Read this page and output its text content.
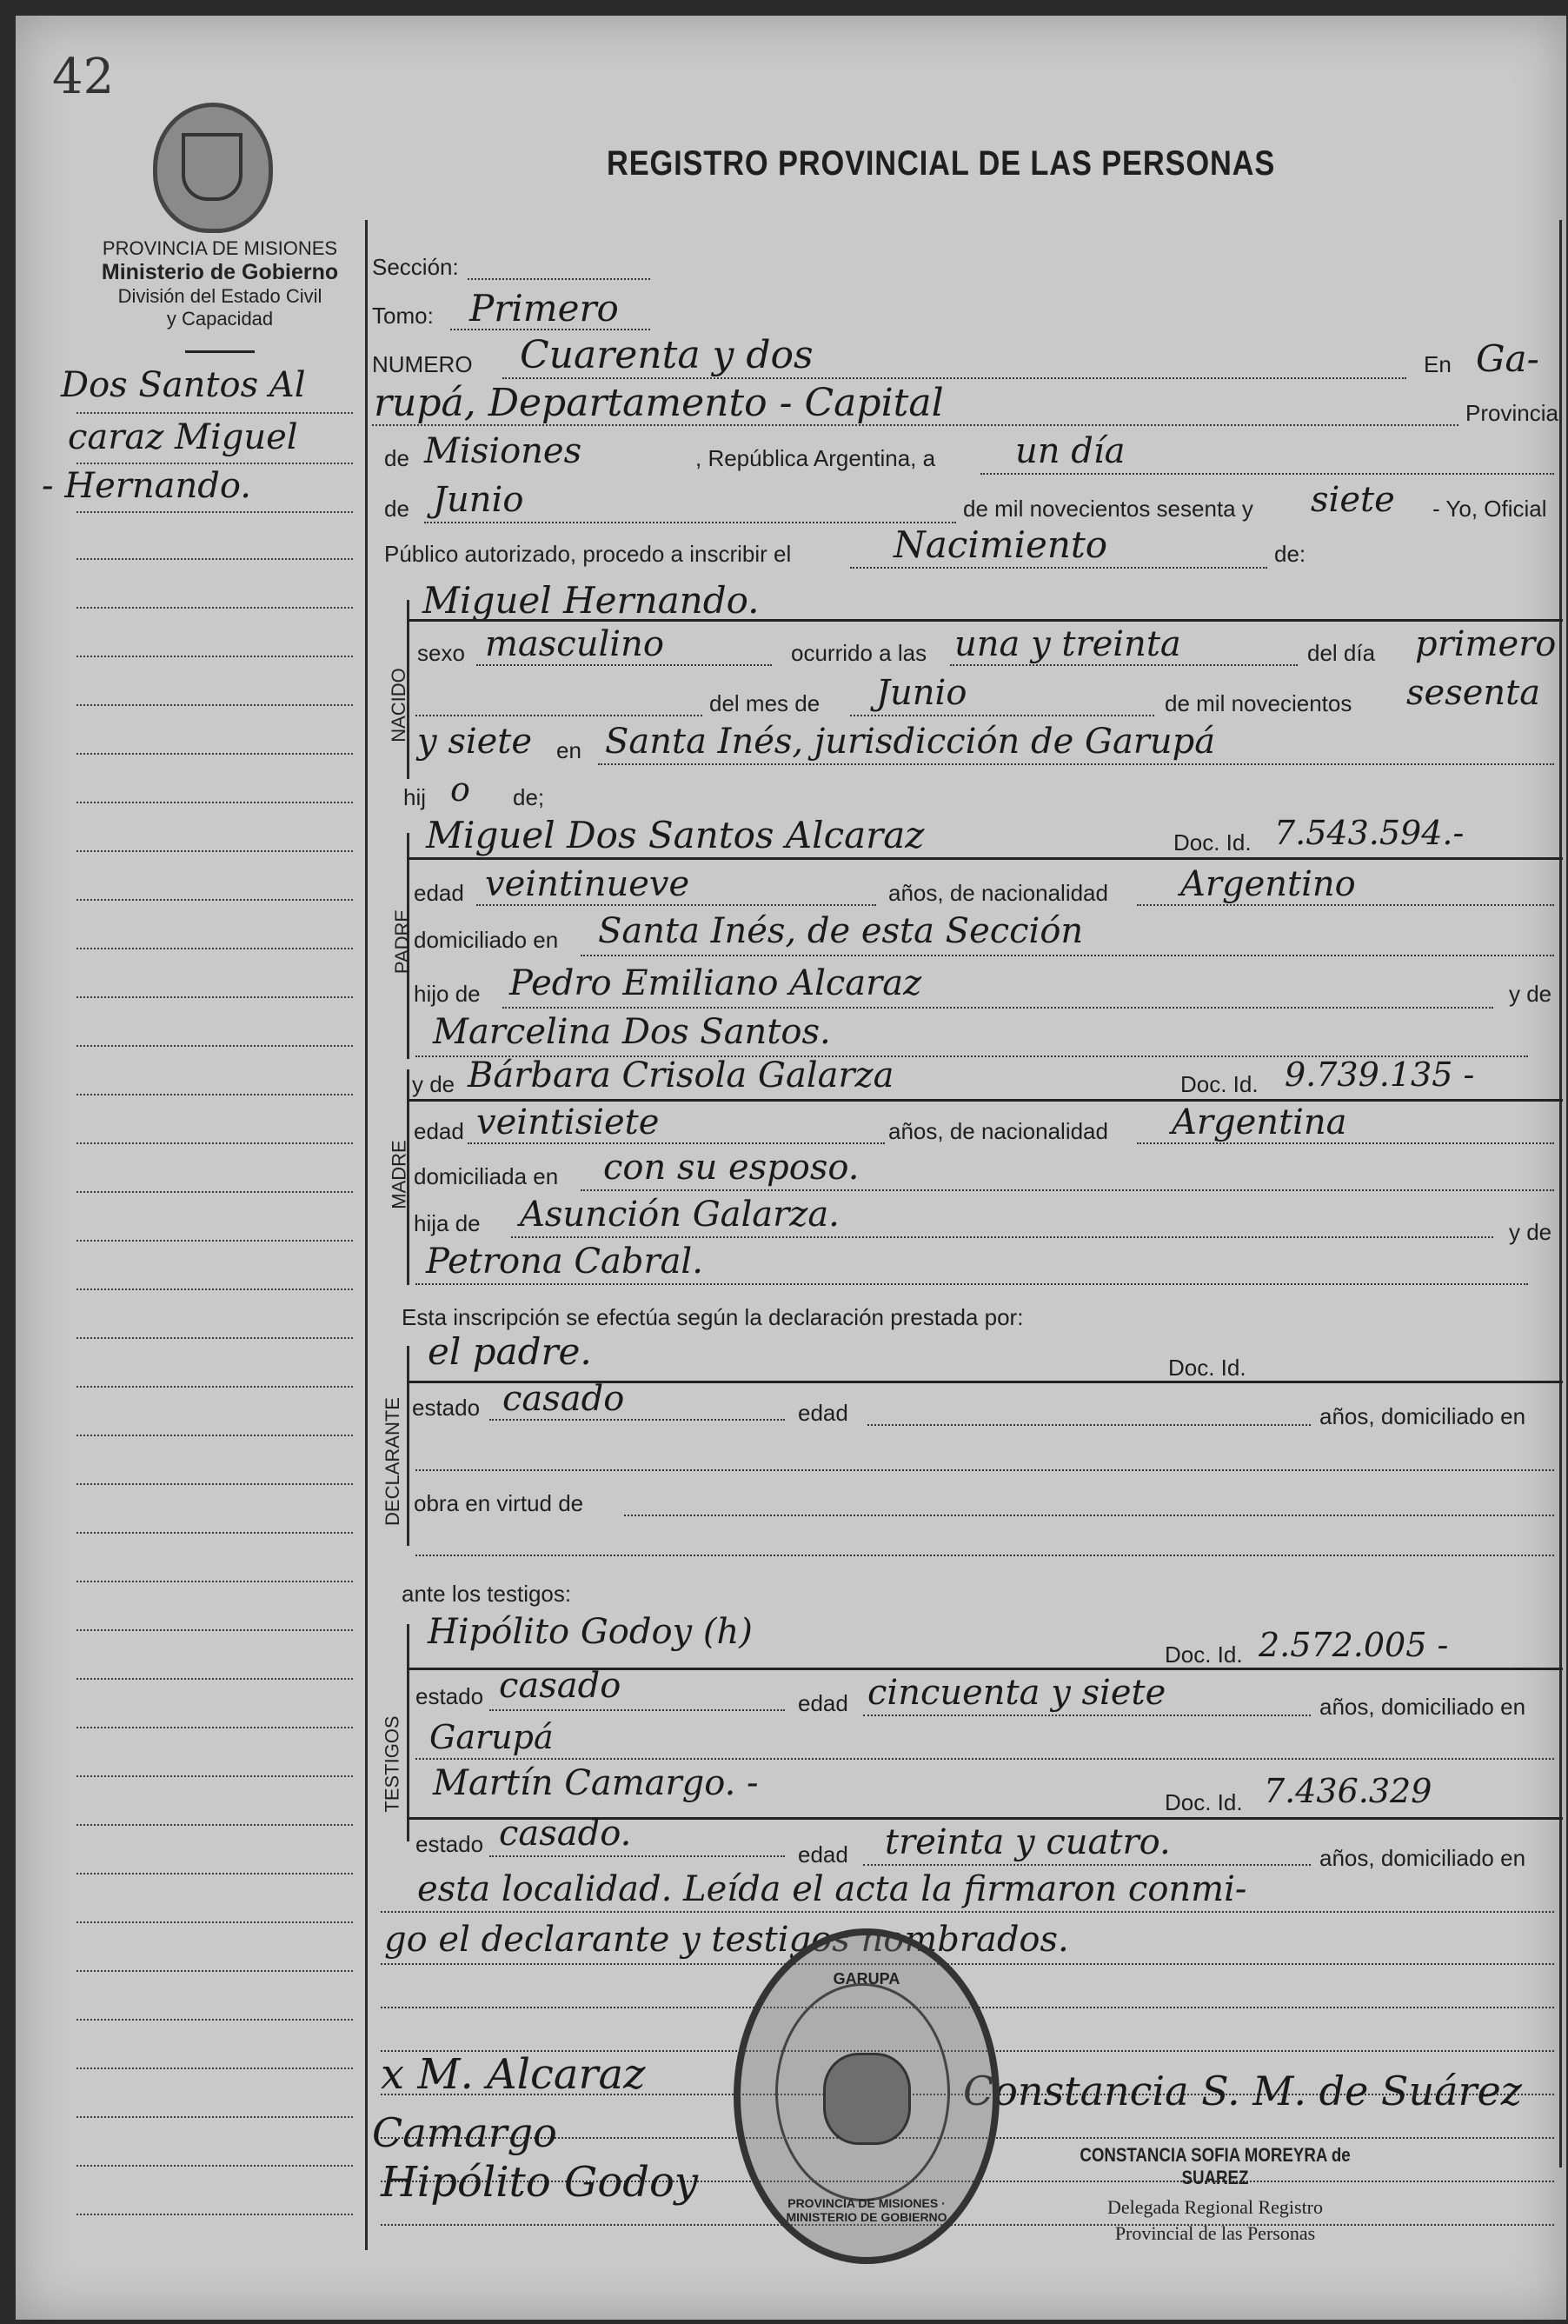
42
REGISTRO PROVINCIAL DE LAS PERSONAS
PROVINCIA DE MISIONES
Ministerio de Gobierno
División del Estado Civil
y Capacidad
Dos Santos Al
caraz Miguel
- Hernando.
Sección:
Tomo: Primero
NUMERO Cuarenta y dos	En Ga-
rupá, Departamento - Capital	Provincia
de Misiones	, República Argentina, a un día
de Junio	de mil novecientos sesenta y siete - Yo, Oficial
Público autorizado, procedo a inscribir el	Nacimiento	de:
NACIDO
Miguel Hernando.
sexo masculino	ocurrido a las una y treinta	del día primero
del mes de Junio	de mil novecientos sesenta
y siete en Santa Inés, jurisdicción de Garupá
hij o de;
PADRE
Miguel Dos Santos Alcaraz	Doc. Id. 7.543.594.-
edad veintinueve	años, de nacionalidad Argentino
domiciliado en Santa Inés, de esta Sección
hijo de Pedro Emiliano Alcaraz	y de
Marcelina Dos Santos.
MADRE
y de Bárbara Crisola Galarza	Doc. Id. 9.739.135 -
edad veintisiete	años, de nacionalidad Argentina
domiciliada en con su esposo.
hija de Asunción Galarza.	y de
Petrona Cabral.
Esta inscripción se efectúa según la declaración prestada por:
DECLARANTE
el padre.	Doc. Id.
estado casado	edad	años, domiciliado en
obra en virtud de
ante los testigos:
TESTIGOS
Hipólito Godoy (h)
Doc. Id. 2.572.005 -
estado casado	edad cincuenta y siete	años, domiciliado en
Garupá
Martín Camargo. -	Doc. Id. 7.436.329
estado casado.
edad treinta y cuatro.	años, domiciliado en
esta localidad. Leída el acta la firmaron conmi-
go el declarante y testigos nombrados.
x M. Alcaraz
Camargo
Hipólito Godoy
Constancia S. M. de Suárez
GARUPA
PROVINCIA DE MISIONES · MINISTERIO DE GOBIERNO
CONSTANCIA SOFIA MOREYRA de SUAREZ
Delegada Regional Registro
Provincial de las Personas
